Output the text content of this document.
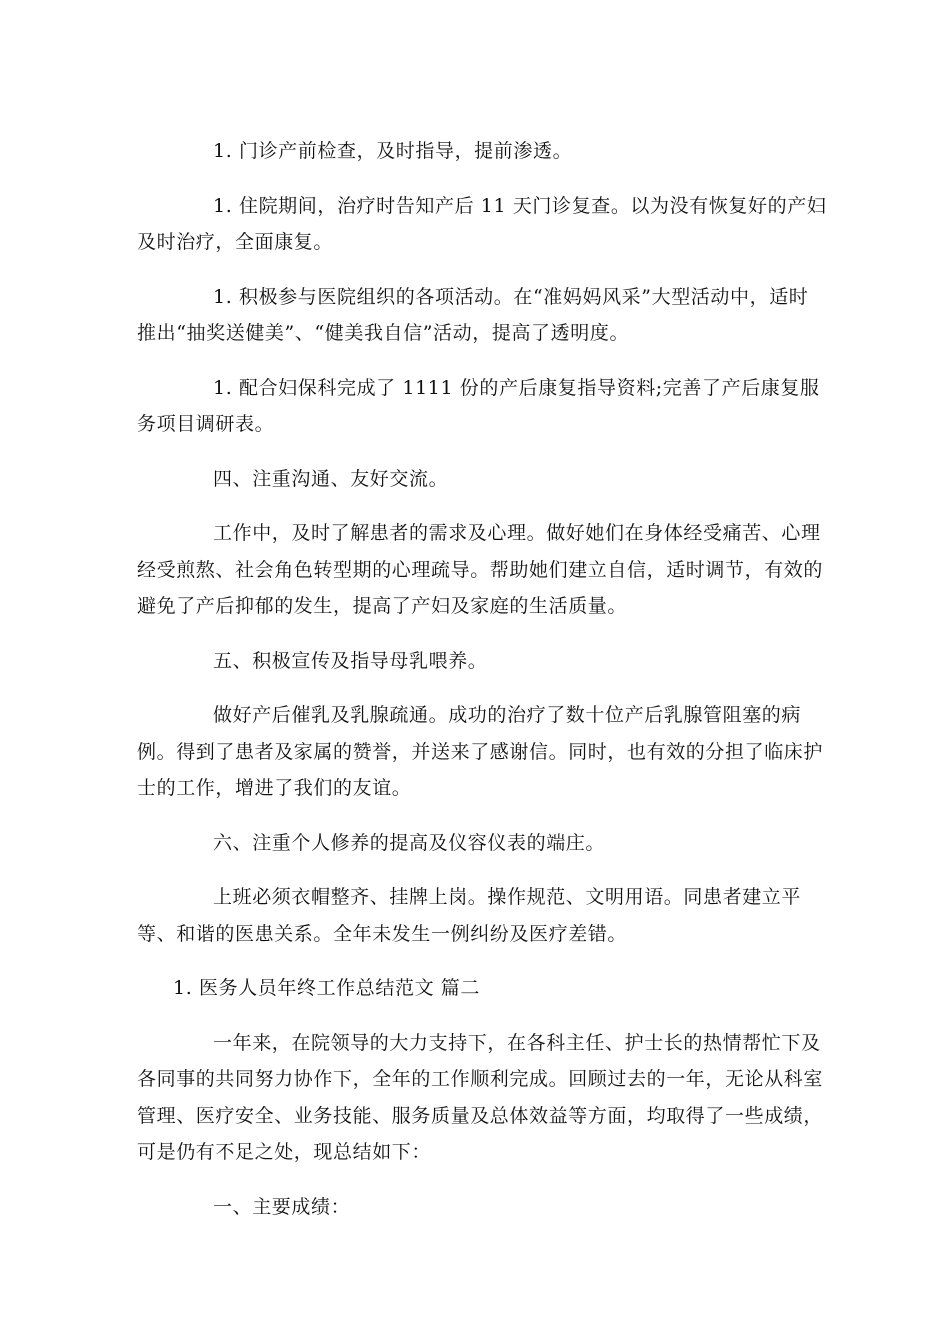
1. 门诊产前检查，及时指导，提前渗透。

1. 住院期间，治疗时告知产后 11 天门诊复查。以为没有恢复好的产妇及时治疗，全面康复。

1. 积极参与医院组织的各项活动。在“准妈妈风采”大型活动中，适时推出“抽奖送健美”、“健美我自信”活动，提高了透明度。

1. 配合妇保科完成了 1111 份的产后康复指导资料;完善了产后康复服务项目调研表。

四、注重沟通、友好交流。

工作中，及时了解患者的需求及心理。做好她们在身体经受痛苦、心理经受煎熬、社会角色转型期的心理疏导。帮助她们建立自信，适时调节，有效的避免了产后抑郁的发生，提高了产妇及家庭的生活质量。

五、积极宣传及指导母乳喂养。

做好产后催乳及乳腺疏通。成功的治疗了数十位产后乳腺管阻塞的病例。得到了患者及家属的赞誉，并送来了感谢信。同时，也有效的分担了临床护士的工作，增进了我们的友谊。

六、注重个人修养的提高及仪容仪表的端庄。

上班必须衣帽整齐、挂牌上岗。操作规范、文明用语。同患者建立平等、和谐的医患关系。全年未发生一例纠纷及医疗差错。

1. 医务人员年终工作总结范文 篇二

一年来，在院领导的大力支持下，在各科主任、护士长的热情帮忙下及各同事的共同努力协作下，全年的工作顺利完成。回顾过去的一年，无论从科室管理、医疗安全、业务技能、服务质量及总体效益等方面，均取得了一些成绩，可是仍有不足之处，现总结如下：

一、主要成绩：
